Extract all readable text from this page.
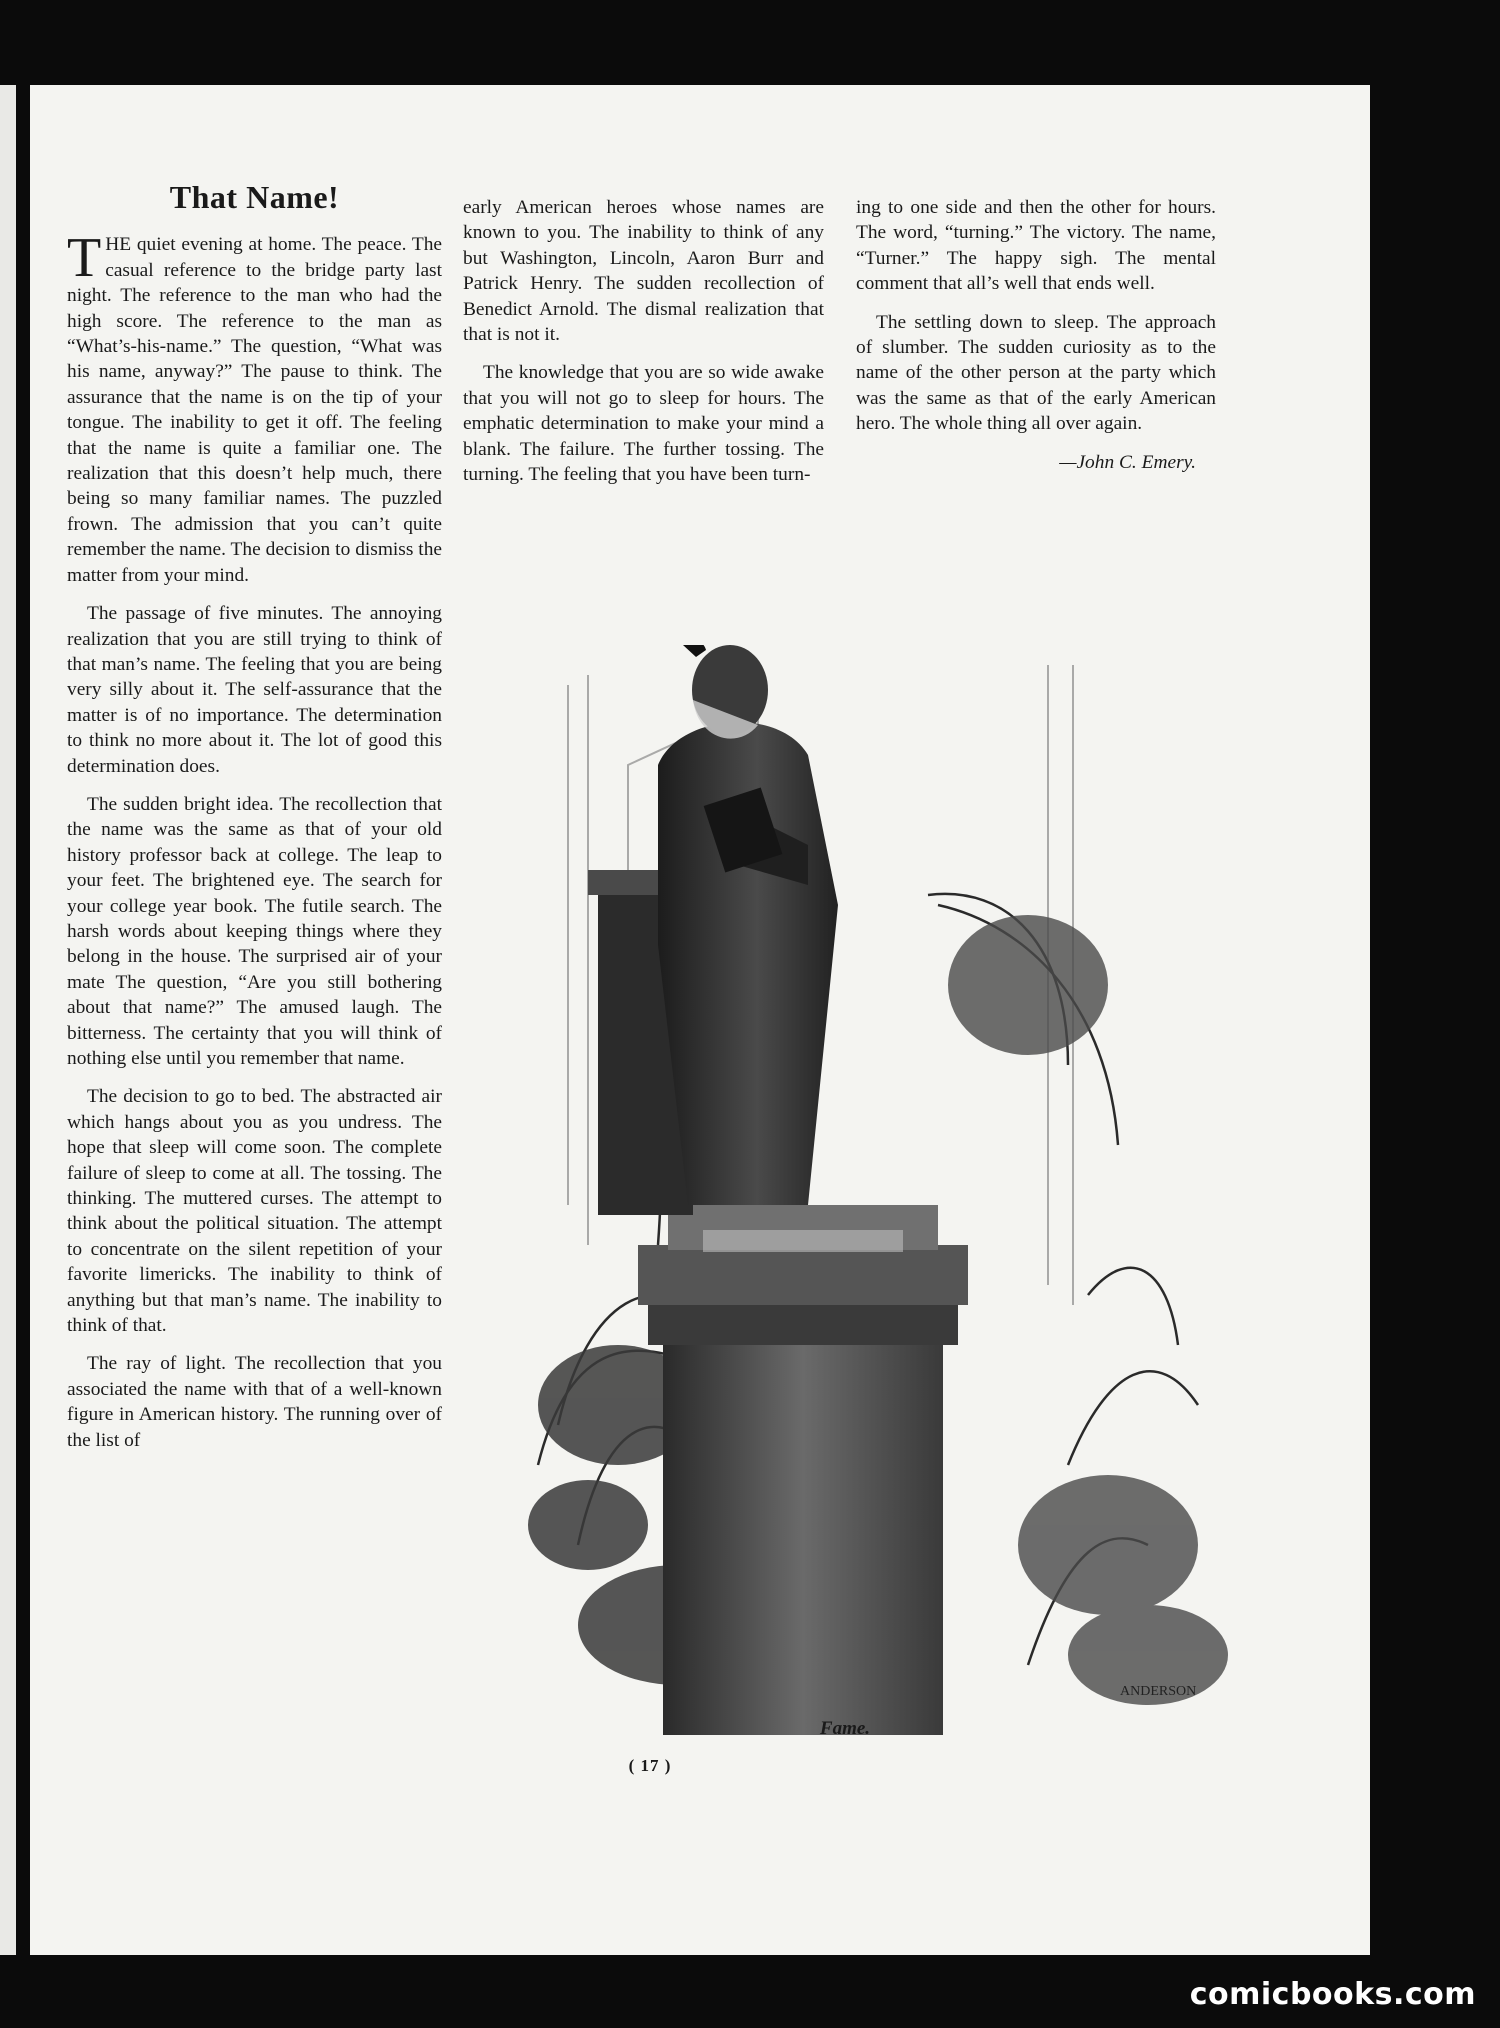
That Name!

THE quiet evening at home. The peace. The casual reference to the bridge party last night. The reference to the man who had the high score. The reference to the man as “What’s-his-name.” The question, “What was his name, anyway?” The pause to think. The assurance that the name is on the tip of your tongue. The inability to get it off. The feeling that the name is quite a familiar one. The realization that this doesn’t help much, there being so many familiar names. The puzzled frown. The admission that you can’t quite remember the name. The decision to dismiss the matter from your mind.

The passage of five minutes. The annoying realization that you are still trying to think of that man’s name. The feeling that you are being very silly about it. The self-assurance that the matter is of no importance. The determination to think no more about it. The lot of good this determination does.

The sudden bright idea. The recollection that the name was the same as that of your old history professor back at college. The leap to your feet. The brightened eye. The search for your college year book. The futile search. The harsh words about keeping things where they belong in the house. The surprised air of your mate The question, “Are you still bothering about that name?” The amused laugh. The bitterness. The certainty that you will think of nothing else until you remember that name.

The decision to go to bed. The abstracted air which hangs about you as you undress. The hope that sleep will come soon. The complete failure of sleep to come at all. The tossing. The thinking. The muttered curses. The attempt to think about the political situation. The attempt to concentrate on the silent repetition of your favorite limericks. The inability to think of anything but that man’s name. The inability to think of that.

The ray of light. The recollection that you associated the name with that of a well-known figure in American history. The running over of the list of

early American heroes whose names are known to you. The inability to think of any but Washington, Lincoln, Aaron Burr and Patrick Henry. The sudden recollection of Benedict Arnold. The dismal realization that that is not it.

The knowledge that you are so wide awake that you will not go to sleep for hours. The emphatic determination to make your mind a blank. The failure. The further tossing. The turning. The feeling that you have been turn-

ing to one side and then the other for hours. The word, “turning.” The victory. The name, “Turner.” The happy sigh. The mental comment that all’s well that ends well.

The settling down to sleep. The approach of slumber. The sudden curiosity as to the name of the other person at the party which was the same as that of the early American hero. The whole thing all over again.

—John C. Emery.
ANDERSON
Fame.
( 17 )
comicbooks.com
